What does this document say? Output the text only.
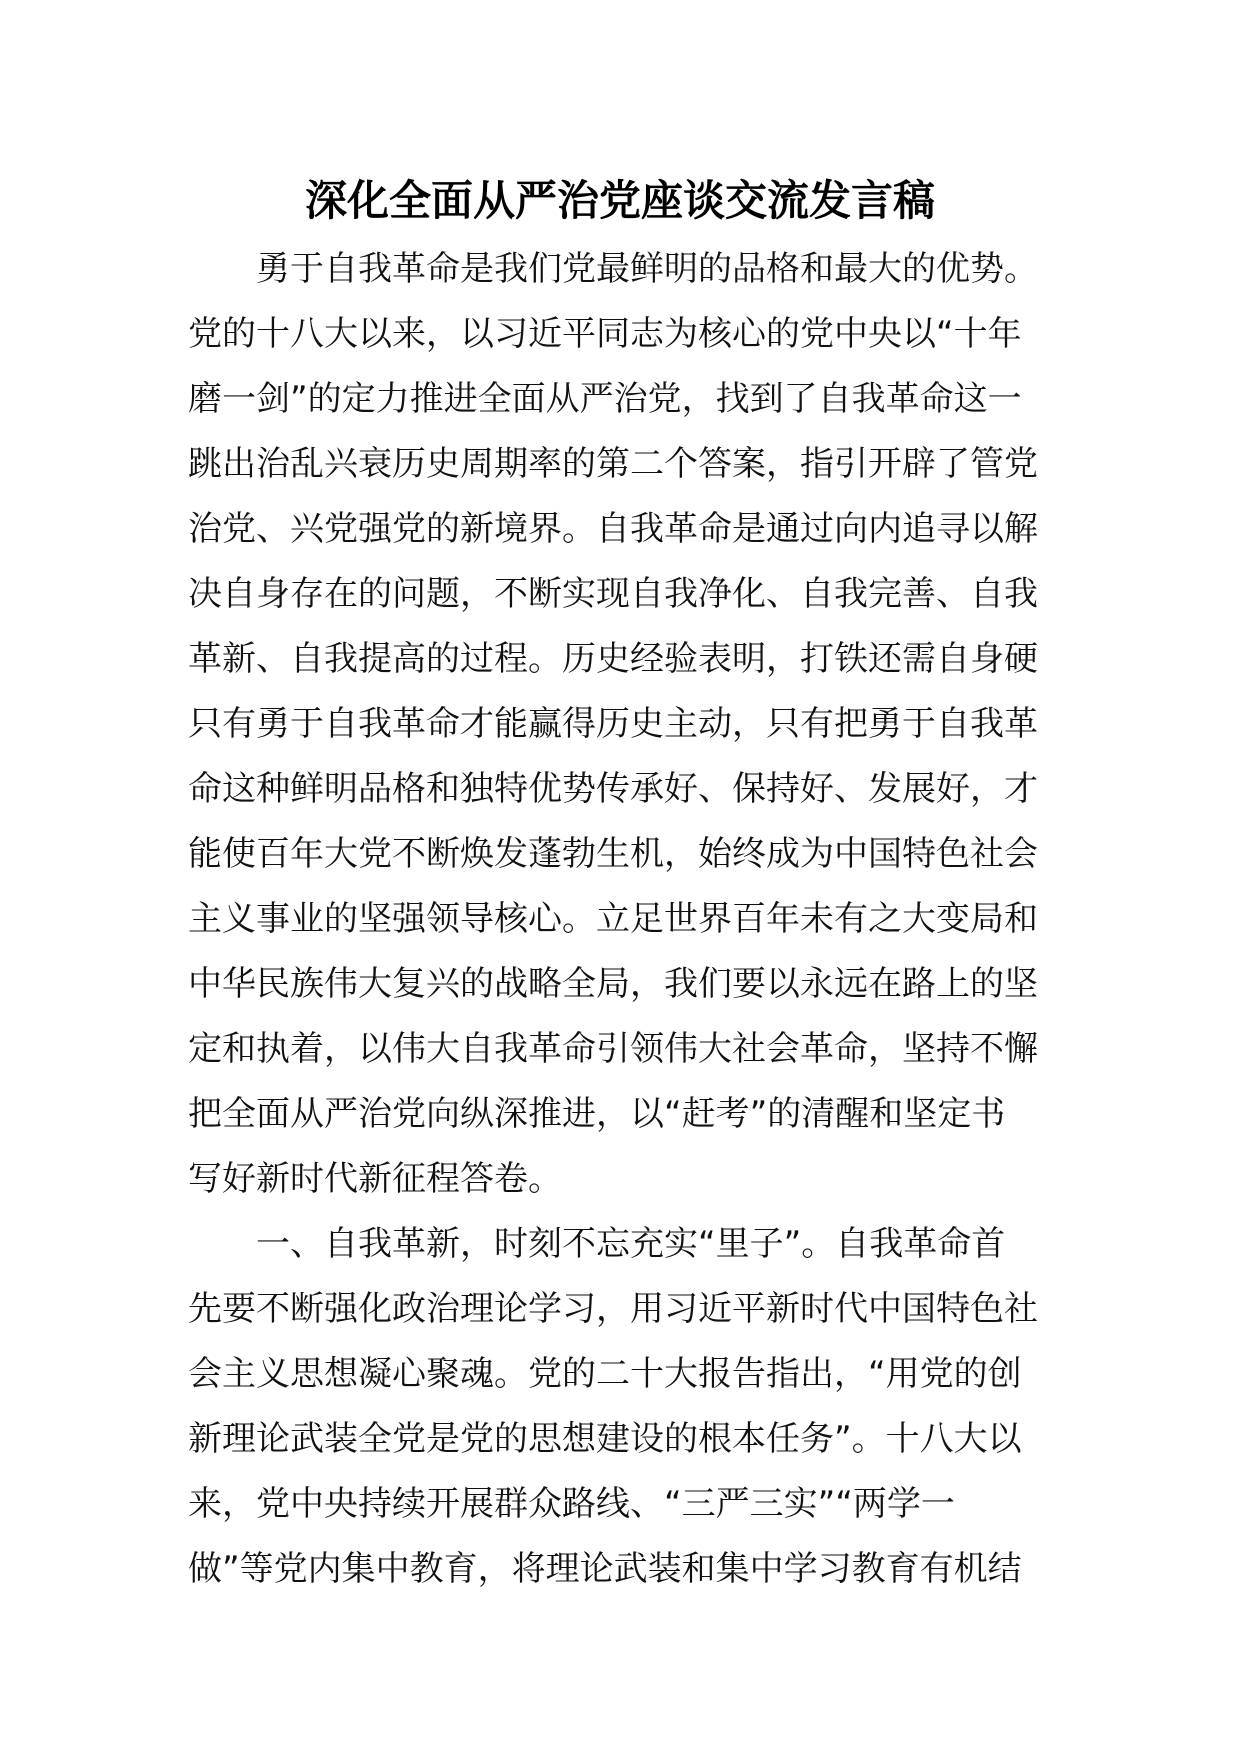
深化全面从严治党座谈交流发言稿
勇于自我革命是我们党最鲜明的品格和最大的优势。
党的十八大以来，以习近平同志为核心的党中央以“十年
磨一剑”的定力推进全面从严治党，找到了自我革命这一
跳出治乱兴衰历史周期率的第二个答案，指引开辟了管党
治党、兴党强党的新境界。自我革命是通过向内追寻以解
决自身存在的问题，不断实现自我净化、自我完善、自我
革新、自我提高的过程。历史经验表明，打铁还需自身硬
只有勇于自我革命才能赢得历史主动，只有把勇于自我革
命这种鲜明品格和独特优势传承好、保持好、发展好，才
能使百年大党不断焕发蓬勃生机，始终成为中国特色社会
主义事业的坚强领导核心。立足世界百年未有之大变局和
中华民族伟大复兴的战略全局，我们要以永远在路上的坚
定和执着，以伟大自我革命引领伟大社会革命，坚持不懈
把全面从严治党向纵深推进，以“赶考”的清醒和坚定书
写好新时代新征程答卷。
一、自我革新，时刻不忘充实“里子”。自我革命首
先要不断强化政治理论学习，用习近平新时代中国特色社
会主义思想凝心聚魂。党的二十大报告指出，“用党的创
新理论武装全党是党的思想建设的根本任务”。十八大以
来，党中央持续开展群众路线、“三严三实”“两学一
做”等党内集中教育，将理论武装和集中学习教育有机结
